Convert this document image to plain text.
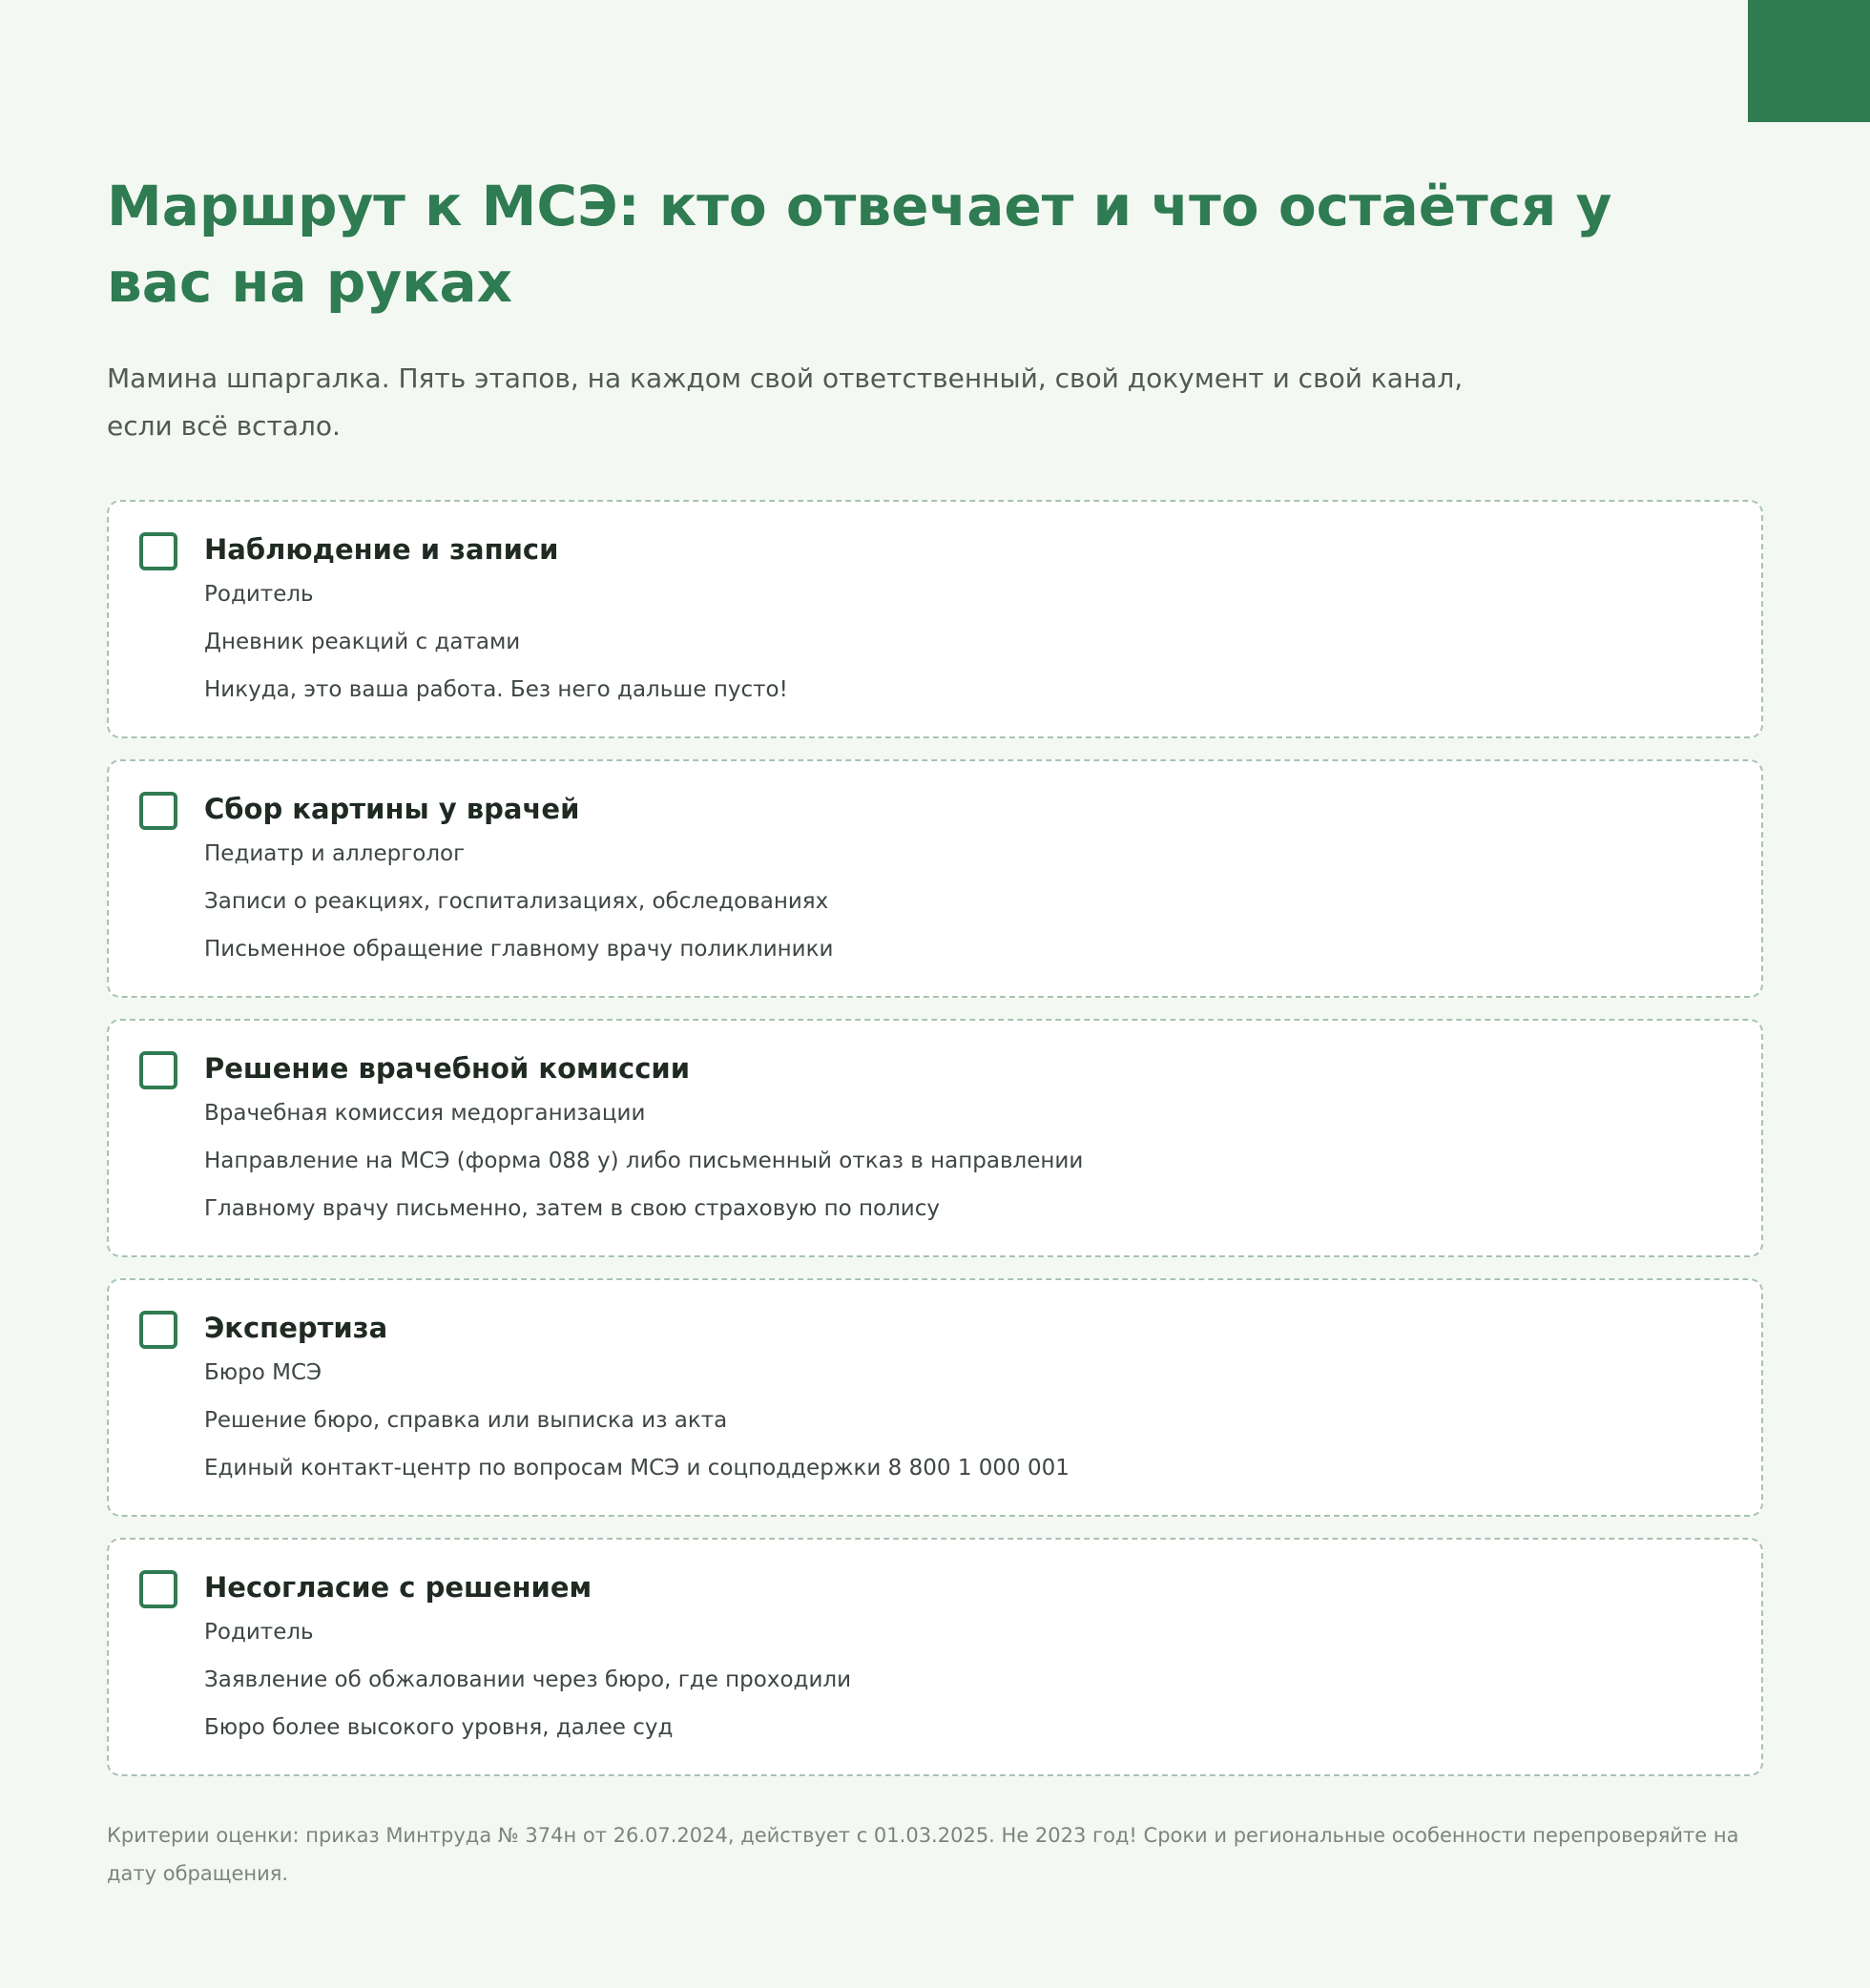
Маршрут к МСЭ: кто отвечает и что остаётся у вас на руках

Мамина шпаргалка. Пять этапов, на каждом свой ответственный, свой документ и свой канал, если всё встало.

Наблюдение и записи
Родитель
Дневник реакций с датами
Никуда, это ваша работа. Без него дальше пусто!
Сбор картины у врачей
Педиатр и аллерголог
Записи о реакциях, госпитализациях, обследованиях
Письменное обращение главному врачу поликлиники
Решение врачебной комиссии
Врачебная комиссия медорганизации
Направление на МСЭ (форма 088 у) либо письменный отказ в направлении
Главному врачу письменно, затем в свою страховую по полису
Экспертиза
Бюро МСЭ
Решение бюро, справка или выписка из акта
Единый контакт-центр по вопросам МСЭ и соцподдержки 8 800 1 000 001
Несогласие с решением
Родитель
Заявление об обжаловании через бюро, где проходили
Бюро более высокого уровня, далее суд
Критерии оценки: приказ Минтруда № 374н от 26.07.2024, действует с 01.03.2025. Не 2023 год! Сроки и региональные особенности перепроверяйте на дату обращения.
